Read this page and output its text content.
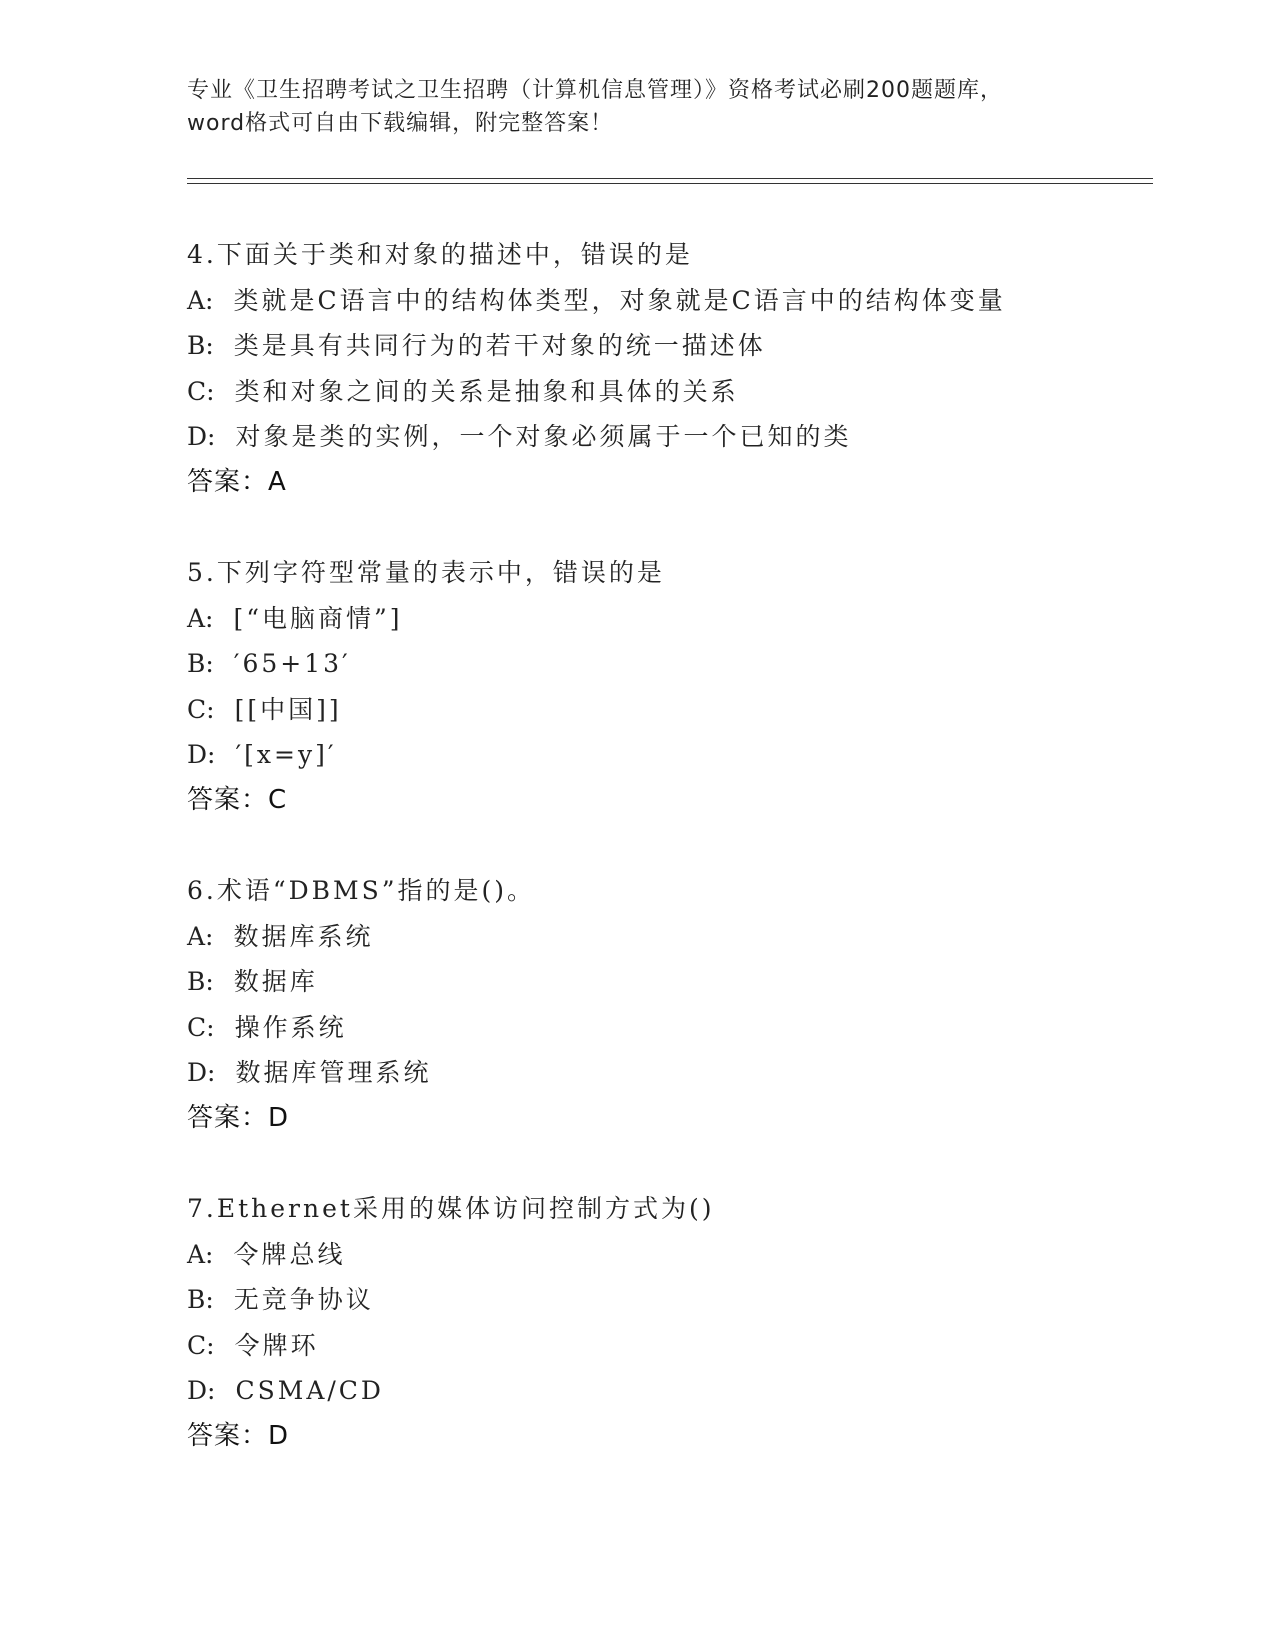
专业《卫生招聘考试之卫生招聘（计算机信息管理）》资格考试必刷200题题库，
word格式可自由下载编辑，附完整答案！
4.下面关于类和对象的描述中，错误的是
A: 类就是C语言中的结构体类型，对象就是C语言中的结构体变量
B: 类是具有共同行为的若干对象的统一描述体
C: 类和对象之间的关系是抽象和具体的关系
D: 对象是类的实例，一个对象必须属于一个已知的类
答案：A
5.下列字符型常量的表示中，错误的是
A: [“电脑商情”]
B: ′65+13′
C: [[中国]]
D: ′[x=y]′
答案：C
6.术语“DBMS”指的是()。
A: 数据库系统
B: 数据库
C: 操作系统
D: 数据库管理系统
答案：D
7.Ethernet采用的媒体访问控制方式为()
A: 令牌总线
B: 无竞争协议
C: 令牌环
D: CSMA/CD
答案：D
